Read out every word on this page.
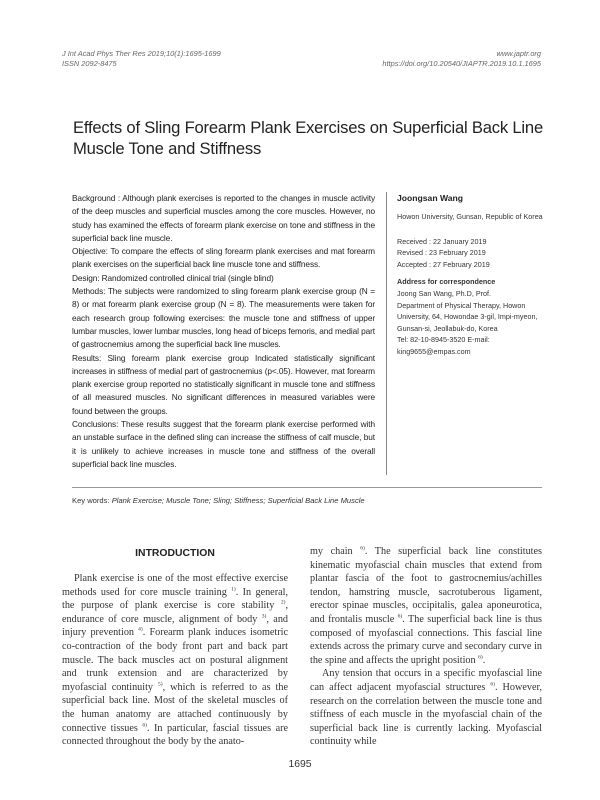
J Int Acad Phys Ther Res 2019;10(1):1695-1699
ISSN 2092-8475
www.japtr.org
https://doi.org/10.20540/JIAPTR.2019.10.1.1695
Effects of Sling Forearm Plank Exercises on Superficial Back Line Muscle Tone and Stiffness

Background : Although plank exercises is reported to the changes in muscle activity of the deep muscles and superficial muscles among the core muscles. However, no study has examined the effects of forearm plank exercise on tone and stiffness in the superficial back line muscle.

Objective: To compare the effects of sling forearm plank exercises and mat forearm plank exercises on the superficial back line muscle tone and stiffness.

Design: Randomized controlled clinical trial (single blind)

Methods: The subjects were randomized to sling forearm plank exercise group (N = 8) or mat forearm plank exercise group (N = 8). The measurements were taken for each research group following exercises: the muscle tone and stiffness of upper lumbar muscles, lower lumbar muscles, long head of biceps femoris, and medial part of gastrocnemius among the superficial back line muscles.

Results: Sling forearm plank exercise group Indicated statistically significant increases in stiffness of medial part of gastrocnemius (p<.05). However, mat forearm plank exercise group reported no statistically significant in muscle tone and stiffness of all measured muscles. No significant differences in measured variables were found between the groups.

Conclusions: These results suggest that the forearm plank exercise performed with an unstable surface in the defined sling can increase the stiffness of calf muscle, but it is unlikely to achieve increases in muscle tone and stiffness of the overall superficial back line muscles.

Joongsan Wang
Howon University, Gunsan, Republic of Korea
Received : 22 January 2019
Revised : 23 February 2019
Accepted : 27 February 2019
Address for correspondence
Joong San Wang, Ph.D, Prof.
Department of Physical Therapy, Howon University, 64, Howondae 3-gil, Impi-myeon, Gunsan-si, Jeollabuk-do, Korea
Tel: 82-10-8945-3520 E-mail:
king9655@empas.com
Key words: Plank Exercise; Muscle Tone; Sling; Stiffness; Superficial Back Line Muscle
INTRODUCTION

Plank exercise is one of the most effective exercise methods used for core muscle training $^{1)}$. In general, the purpose of plank exercise is core stability $^{2)}$, endurance of core muscle, alignment of body $^{3)}$, and injury prevention $^{4)}$. Forearm plank induces isometric co-contraction of the body front part and back part muscle. The back muscles act on postural alignment and trunk extension and are characterized by myofascial continuity $^{5)}$, which is referred to as the superficial back line. Most of the skeletal muscles of the human anatomy are attached continuously by connective tissues $^{6)}$. In particular, fascial tissues are connected throughout the body by the anato-

my chain $^{6)}$. The superficial back line constitutes kinematic myofascial chain muscles that extend from plantar fascia of the foot to gastrocnemius/achilles tendon, hamstring muscle, sacrotuberous ligament, erector spinae muscles, occipitalis, galea aponeurotica, and frontalis muscle $^{6)}$. The superficial back line is thus composed of myofascial connections. This fascial line extends across the primary curve and secondary curve in the spine and affects the upright position $^{6)}$.

Any tension that occurs in a specific myofascial line can affect adjacent myofascial structures $^{6)}$. However, research on the correlation between the muscle tone and stiffness of each muscle in the myofascial chain of the superficial back line is currently lacking. Myofascial continuity while

1695
